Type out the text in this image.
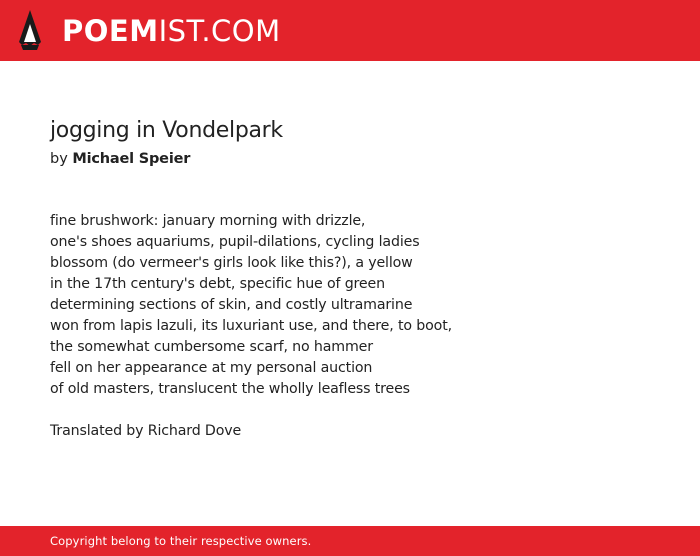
POEMIST.COM
jogging in Vondelpark

by Michael Speier

fine brushwork: january morning with drizzle,
one's shoes aquariums, pupil-dilations, cycling ladies
blossom (do vermeer's girls look like this?), a yellow
in the 17th century's debt, specific hue of green
determining sections of skin, and costly ultramarine
won from lapis lazuli, its luxuriant use, and there, to boot,
the somewhat cumbersome scarf, no hammer
fell on her appearance at my personal auction
of old masters, translucent the wholly leafless trees
Translated by Richard Dove
Copyright belong to their respective owners.
